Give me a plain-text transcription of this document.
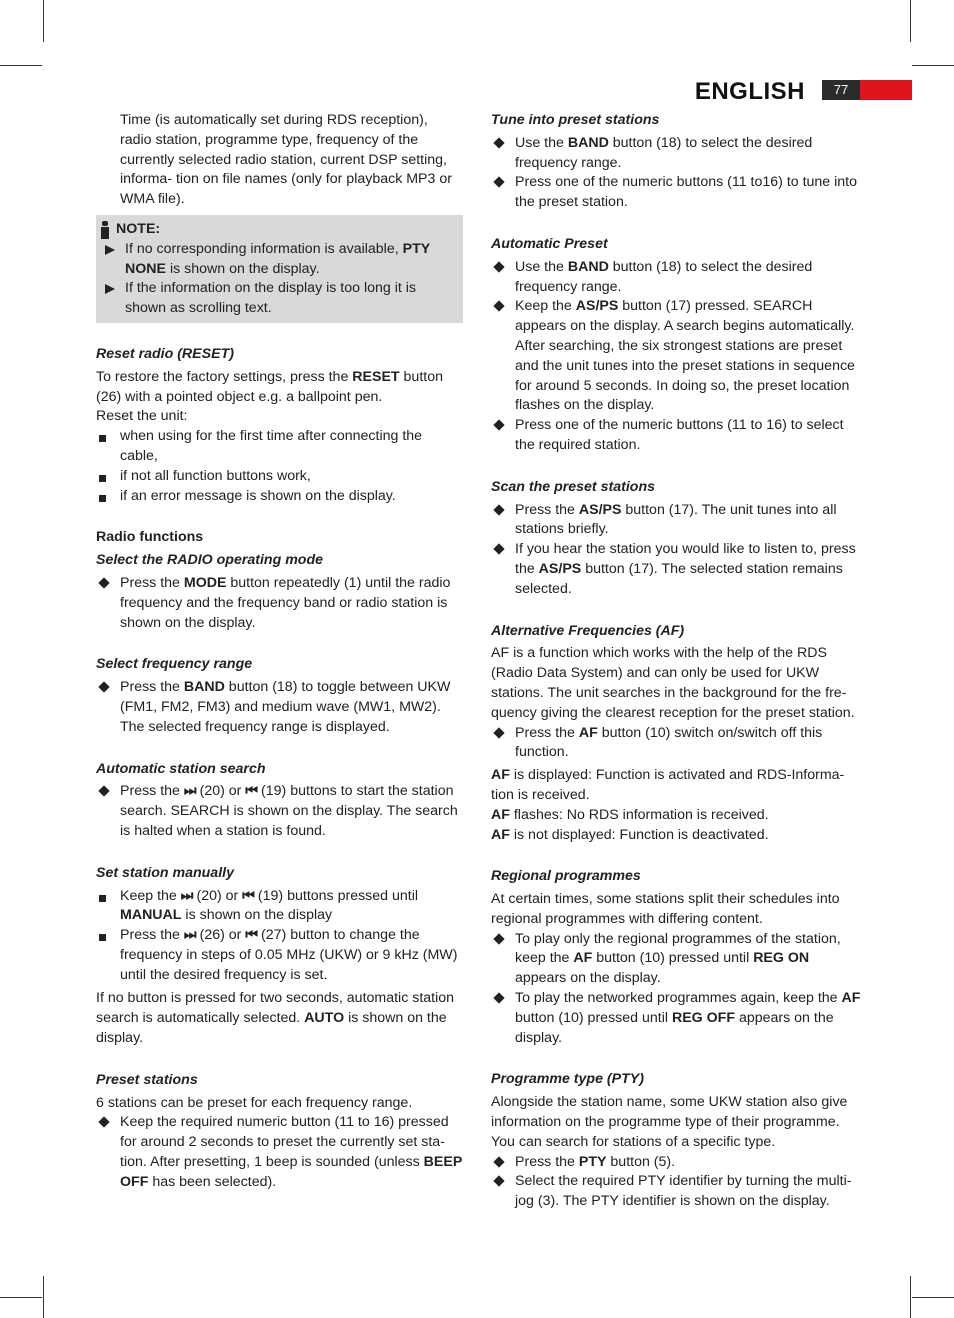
ENGLISH	77

Time (is automatically set during RDS reception), radio station, programme type, frequency of the currently selected radio station, current DSP setting, informa- tion on file names (only for playback MP3 or WMA file).

NOTE:
If no corresponding information is available, PTY NONE is shown on the display.
If the information on the display is too long it is shown as scrolling text.

Reset radio (RESET)

To restore the factory settings, press the RESET button (26) with a pointed object e.g. a ballpoint pen.

Reset the unit:

when using for the first time after connecting the cable,
if not all function buttons work,
if an error message is shown on the display.

Radio functions

Select the RADIO operating mode

Press the MODE button repeatedly (1) until the radio frequency and the frequency band or radio station is shown on the display.

Select frequency range

Press the BAND button (18) to toggle between UKW (FM1, FM2, FM3) and medium wave (MW1, MW2). The selected frequency range is displayed.

Automatic station search

Press the ⏭ (20) or ⏮ (19) buttons to start the station search. SEARCH is shown on the display. The search is halted when a station is found.

Set station manually

Keep the ⏭ (20) or ⏮ (19) buttons pressed until MANUAL is shown on the display
Press the ⏭ (26) or ⏮ (27) button to change the frequency in steps of 0.05 MHz (UKW) or 9 kHz (MW) until the desired frequency is set.

If no button is pressed for two seconds, automatic station search is automatically selected. AUTO is shown on the display.

Preset stations

6 stations can be preset for each frequency range.

Keep the required numeric button (11 to 16) pressed for around 2 seconds to preset the currently set sta- tion. After presetting, 1 beep is sounded (unless BEEP OFF has been selected).

Tune into preset stations

Use the BAND button (18) to select the desired frequency range.
Press one of the numeric buttons (11 to16) to tune into the preset station.

Automatic Preset

Use the BAND button (18) to select the desired frequency range.
Keep the AS/PS button (17) pressed. SEARCH appears on the display. A search begins automatically. After searching, the six strongest stations are preset and the unit tunes into the preset stations in sequence for around 5 seconds. In doing so, the preset location flashes on the display.
Press one of the numeric buttons (11 to 16) to select the required station.

Scan the preset stations

Press the AS/PS button (17). The unit tunes into all stations briefly.
If you hear the station you would like to listen to, press the AS/PS button (17). The selected station remains selected.

Alternative Frequencies (AF)

AF is a function which works with the help of the RDS (Radio Data System) and can only be used for UKW stations. The unit searches in the background for the fre- quency giving the clearest reception for the preset station.

Press the AF button (10) switch on/switch off this function.

AF is displayed: Function is activated and RDS-Informa- tion is received.

AF flashes: No RDS information is received.

AF is not displayed: Function is deactivated.

Regional programmes

At certain times, some stations split their schedules into regional programmes with differing content.

To play only the regional programmes of the station, keep the AF button (10) pressed until REG ON appears on the display.
To play the networked programmes again, keep the AF button (10) pressed until REG OFF appears on the display.

Programme type (PTY)

Alongside the station name, some UKW station also give information on the programme type of their programme. You can search for stations of a specific type.

Press the PTY button (5).
Select the required PTY identifier by turning the multi- jog (3). The PTY identifier is shown on the display.
